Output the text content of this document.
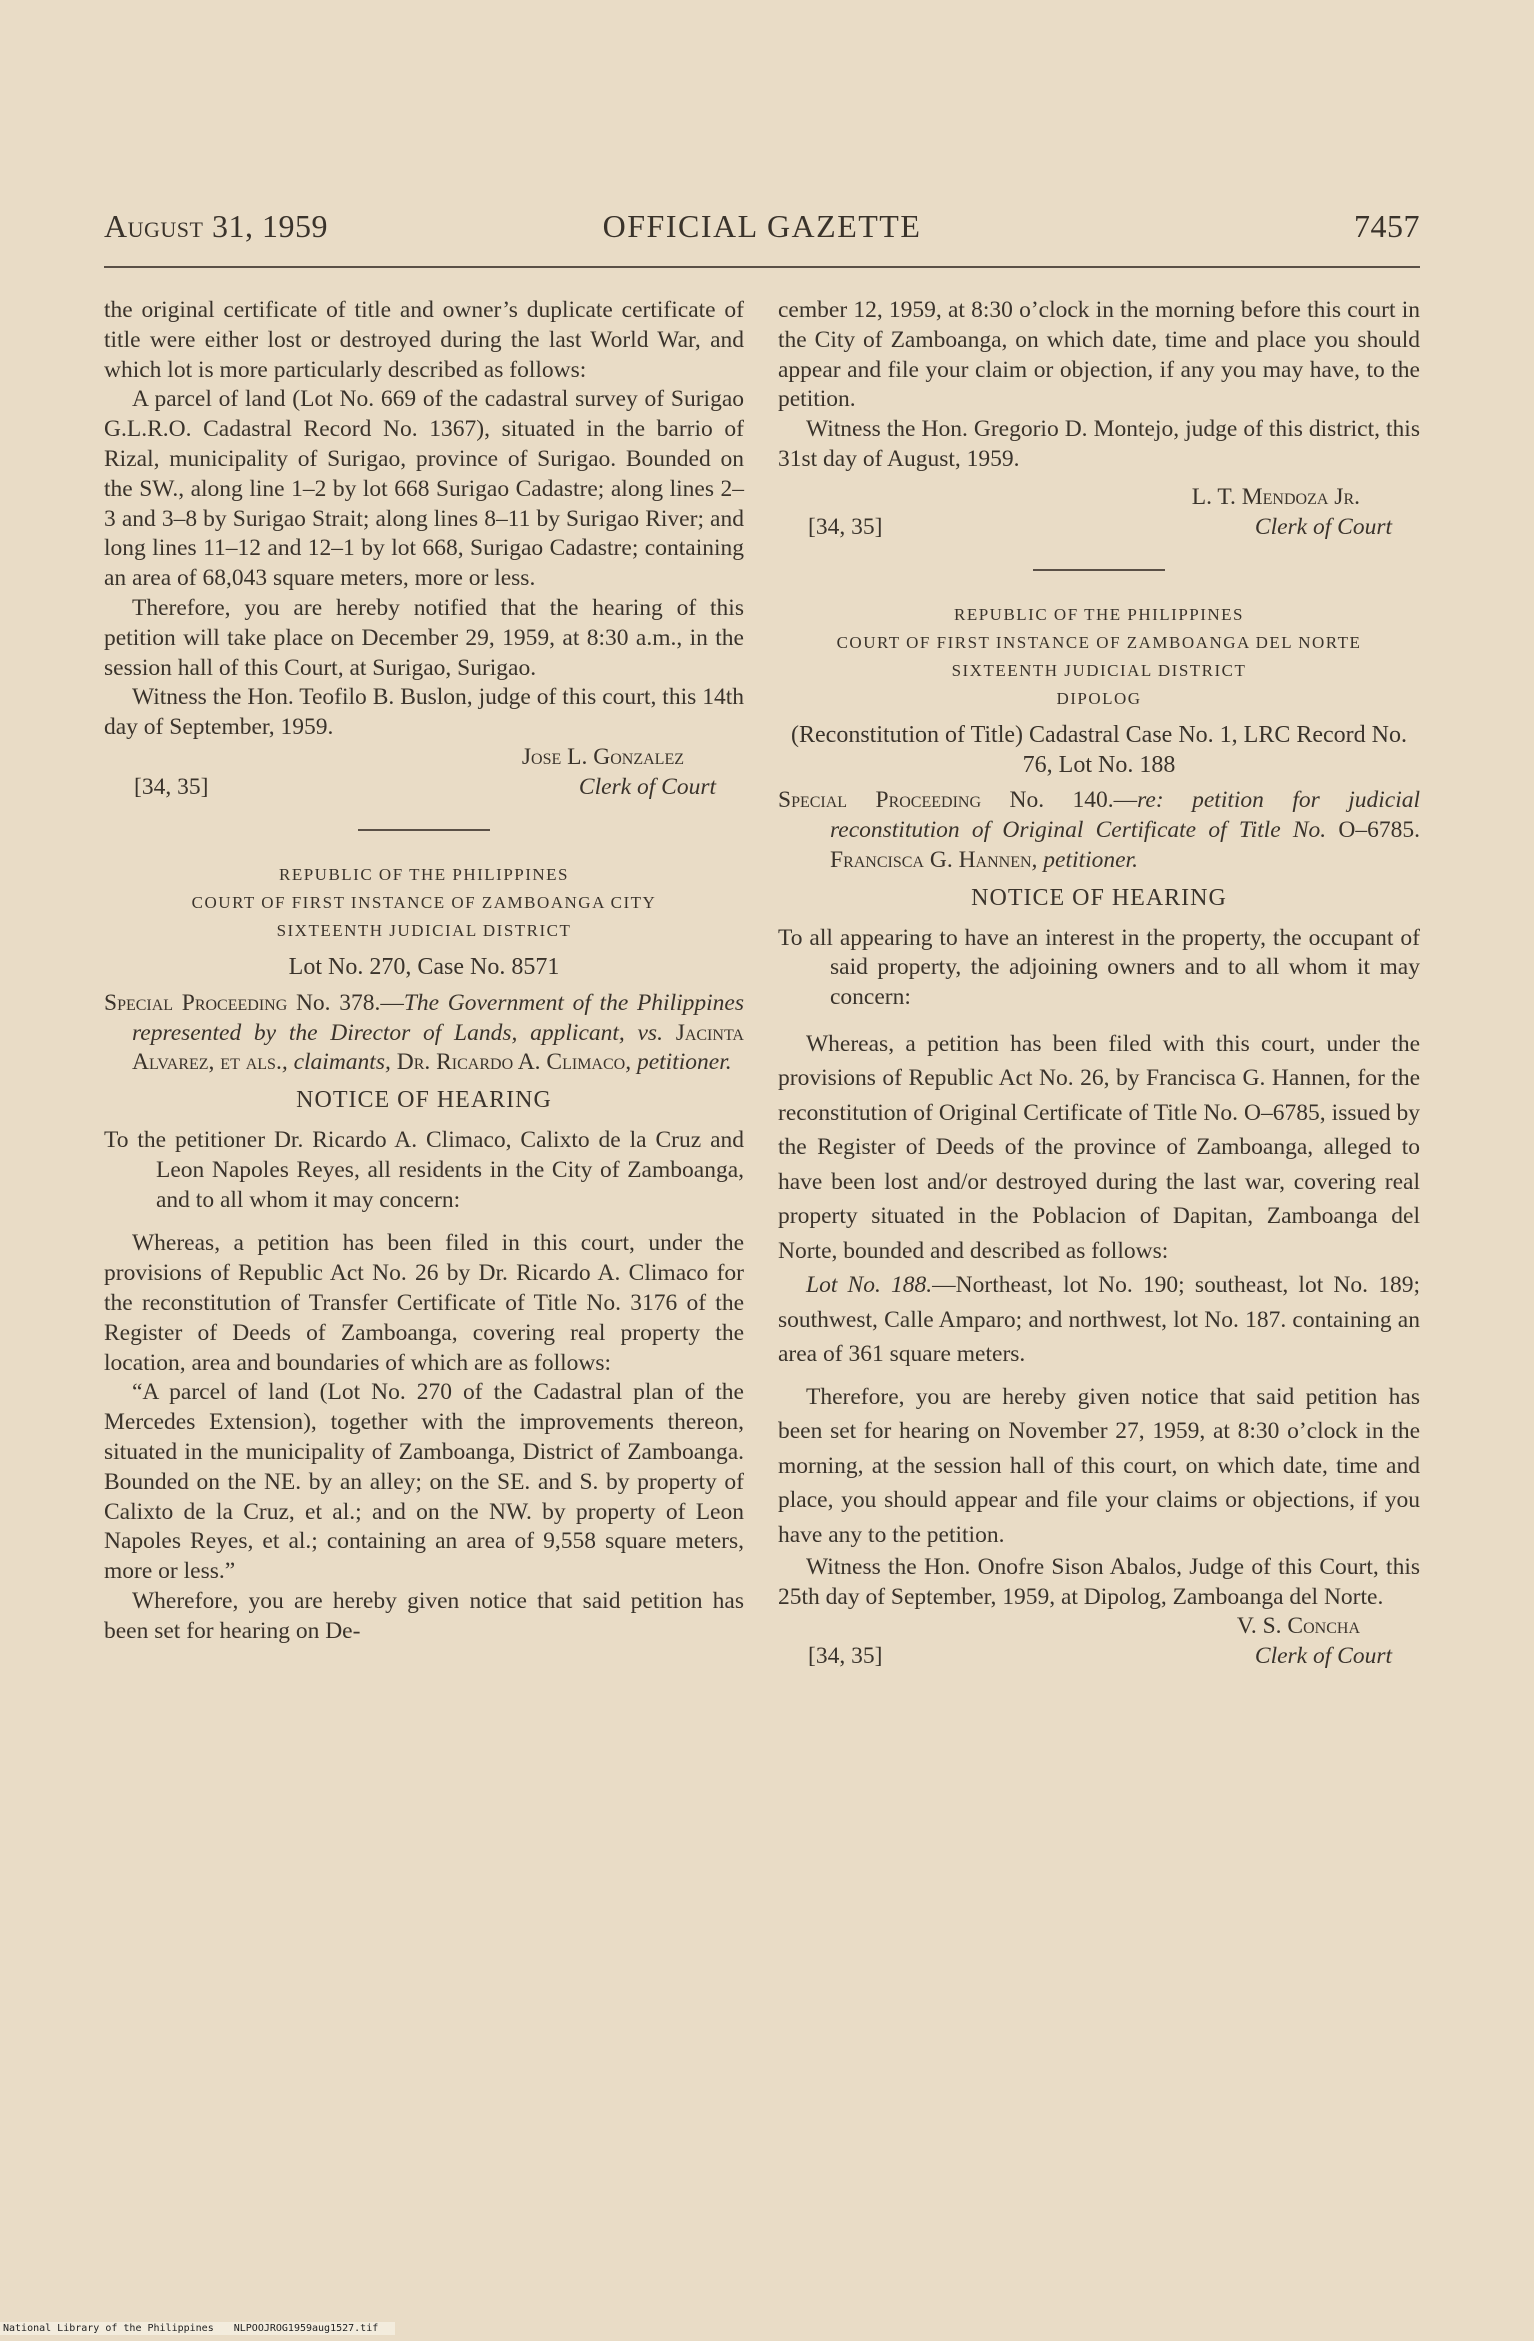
August 31, 1959	OFFICIAL GAZETTE	7457

the original certificate of title and owner’s duplicate certificate of title were either lost or destroyed during the last World War, and which lot is more particularly described as follows:

A parcel of land (Lot No. 669 of the cadastral survey of Surigao G.L.R.O. Cadastral Record No. 1367), situated in the barrio of Rizal, municipality of Surigao, province of Surigao. Bounded on the SW., along line 1–2 by lot 668 Surigao Cadastre; along lines 2–3 and 3–8 by Surigao Strait; along lines 8–11 by Surigao River; and long lines 11–12 and 12–1 by lot 668, Surigao Cadastre; containing an area of 68,043 square meters, more or less.

Therefore, you are hereby notified that the hearing of this petition will take place on December 29, 1959, at 8:30 a.m., in the session hall of this Court, at Surigao, Surigao.

Witness the Hon. Teofilo B. Buslon, judge of this court, this 14th day of September, 1959.

Jose L. Gonzalez
[34, 35]	Clerk of Court
REPUBLIC OF THE PHILIPPINES
COURT OF FIRST INSTANCE OF ZAMBOANGA CITY
SIXTEENTH JUDICIAL DISTRICT
Lot No. 270, Case No. 8571

Special Proceeding No. 378.—The Government of the Philippines represented by the Director of Lands, applicant, vs. Jacinta Alvarez, et als., claimants, Dr. Ricardo A. Climaco, petitioner.

NOTICE OF HEARING

To the petitioner Dr. Ricardo A. Climaco, Calixto de la Cruz and Leon Napoles Reyes, all residents in the City of Zamboanga, and to all whom it may concern:

Whereas, a petition has been filed in this court, under the provisions of Republic Act No. 26 by Dr. Ricardo A. Climaco for the reconstitution of Transfer Certificate of Title No. 3176 of the Register of Deeds of Zamboanga, covering real property the location, area and boundaries of which are as follows:

“A parcel of land (Lot No. 270 of the Cadastral plan of the Mercedes Extension), together with the improvements thereon, situated in the municipality of Zamboanga, District of Zamboanga. Bounded on the NE. by an alley; on the SE. and S. by property of Calixto de la Cruz, et al.; and on the NW. by property of Leon Napoles Reyes, et al.; containing an area of 9,558 square meters, more or less.”

Wherefore, you are hereby given notice that said petition has been set for hearing on De-

cember 12, 1959, at 8:30 o’clock in the morning before this court in the City of Zamboanga, on which date, time and place you should appear and file your claim or objection, if any you may have, to the petition.

Witness the Hon. Gregorio D. Montejo, judge of this district, this 31st day of August, 1959.

L. T. Mendoza Jr.
[34, 35]	Clerk of Court
REPUBLIC OF THE PHILIPPINES
COURT OF FIRST INSTANCE OF ZAMBOANGA DEL NORTE
SIXTEENTH JUDICIAL DISTRICT
DIPOLOG
(Reconstitution of Title) Cadastral Case No. 1, LRC Record No. 76, Lot No. 188

Special Proceeding No. 140.—re: petition for judicial reconstitution of Original Certificate of Title No. O–6785. Francisca G. Hannen, petitioner.

NOTICE OF HEARING

To all appearing to have an interest in the property, the occupant of said property, the adjoining owners and to all whom it may concern:

Whereas, a petition has been filed with this court, under the provisions of Republic Act No. 26, by Francisca G. Hannen, for the reconstitution of Original Certificate of Title No. O–6785, issued by the Register of Deeds of the province of Zamboanga, alleged to have been lost and/or destroyed during the last war, covering real property situated in the Poblacion of Dapitan, Zamboanga del Norte, bounded and described as follows:

Lot No. 188.—Northeast, lot No. 190; southeast, lot No. 189; southwest, Calle Amparo; and northwest, lot No. 187. containing an area of 361 square meters.

Therefore, you are hereby given notice that said petition has been set for hearing on November 27, 1959, at 8:30 o’clock in the morning, at the session hall of this court, on which date, time and place, you should appear and file your claims or objections, if you have any to the petition.

Witness the Hon. Onofre Sison Abalos, Judge of this Court, this 25th day of September, 1959, at Dipolog, Zamboanga del Norte.

V. S. Concha
[34, 35]	Clerk of Court
National Library of the Philippines NLPOOJROG1959aug1527.tif
